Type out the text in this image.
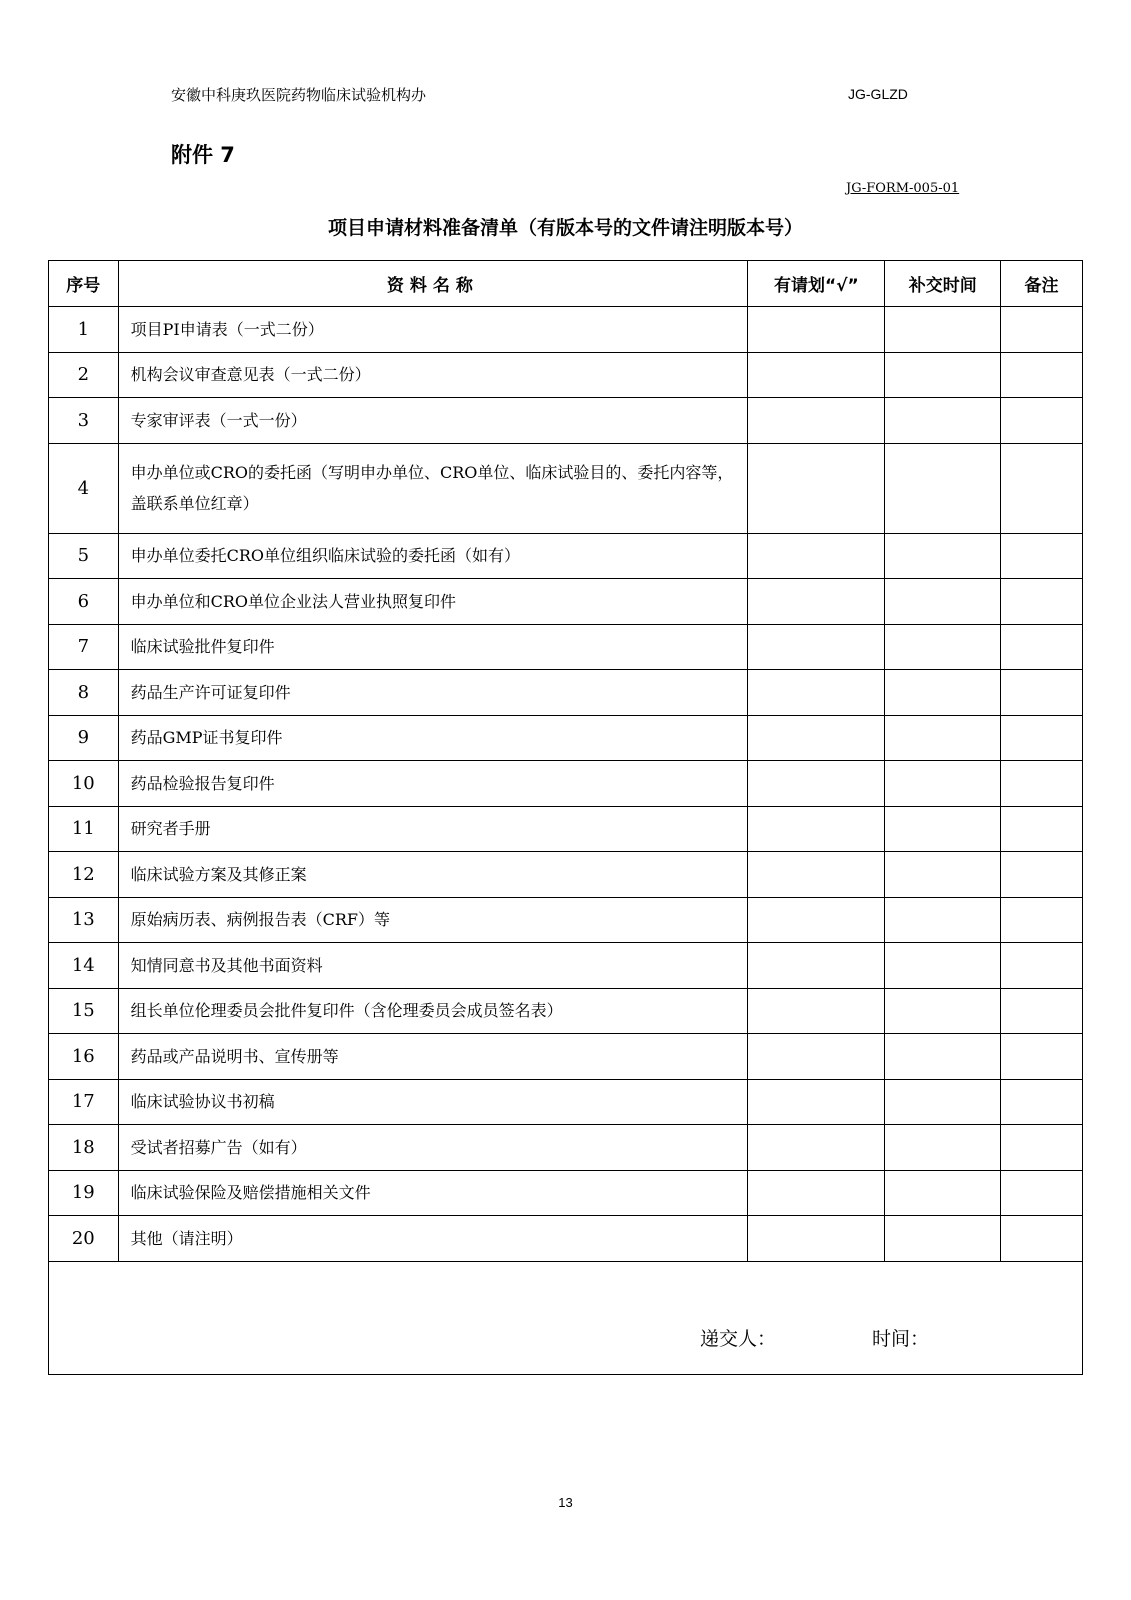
安徽中科庚玖医院药物临床试验机构办	JG-GLZD
附件 7
JG-FORM-005-01
项目申请材料准备清单（有版本号的文件请注明版本号）
序号	资料名称	有请划“√”	补交时间	备注
1	项目PI申请表（一式二份）			
2	机构会议审查意见表（一式二份）			
3	专家审评表（一式一份）			
4	申办单位或CRO的委托函（写明申办单位、CRO单位、临床试验目的、委托内容等，盖联系单位红章）			
5	申办单位委托CRO单位组织临床试验的委托函（如有）			
6	申办单位和CRO单位企业法人营业执照复印件			
7	临床试验批件复印件			
8	药品生产许可证复印件			
9	药品GMP证书复印件			
10	药品检验报告复印件			
11	研究者手册			
12	临床试验方案及其修正案			
13	原始病历表、病例报告表（CRF）等			
14	知情同意书及其他书面资料			
15	组长单位伦理委员会批件复印件（含伦理委员会成员签名表）			
16	药品或产品说明书、宣传册等			
17	临床试验协议书初稿			
18	受试者招募广告（如有）			
19	临床试验保险及赔偿措施相关文件			
20	其他（请注明）			

递交人： 时间：				
13
